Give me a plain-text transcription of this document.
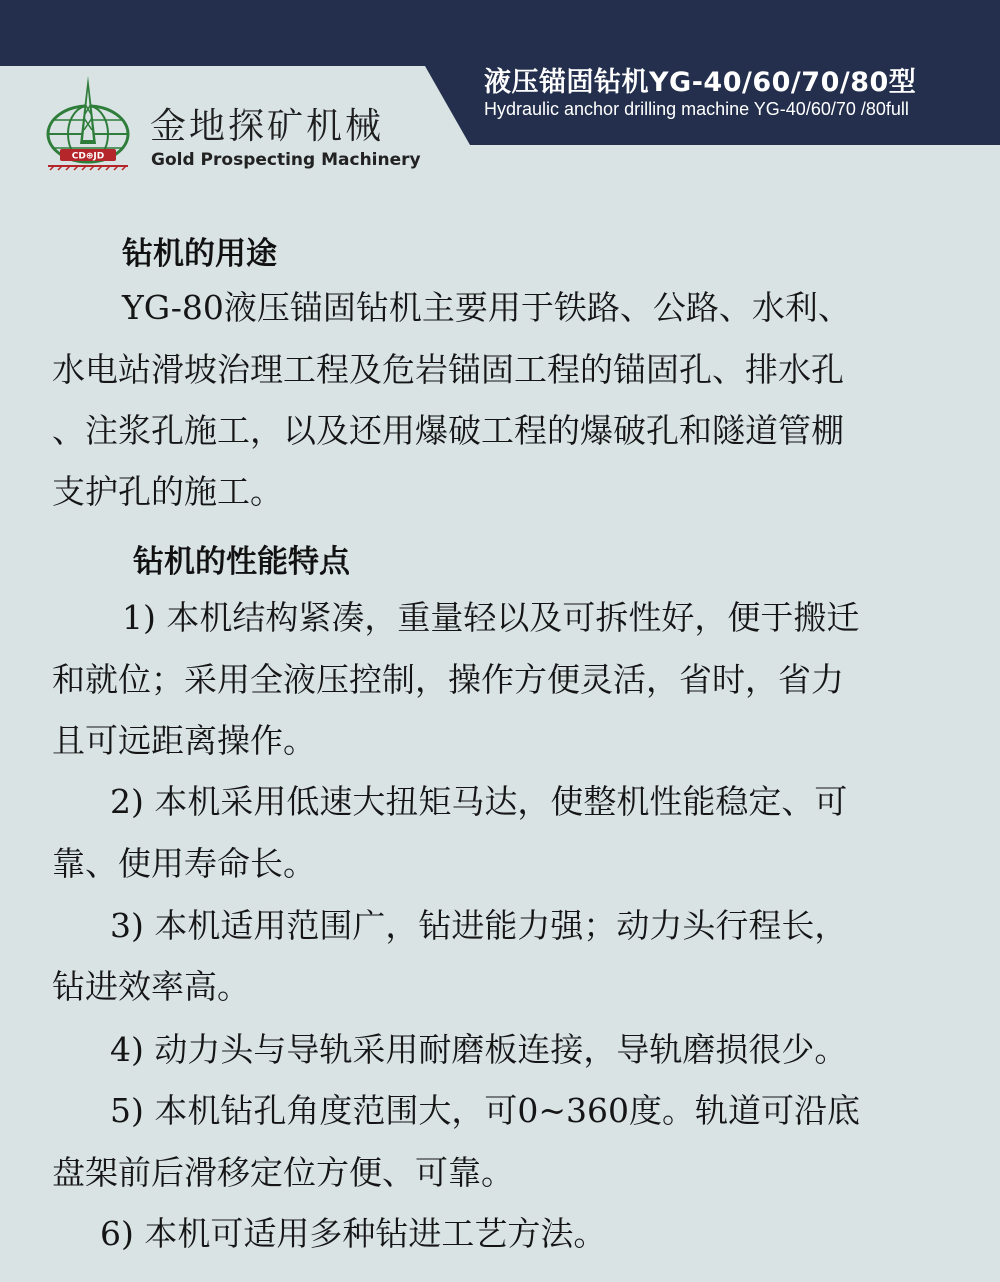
液压锚固钻机YG-40/60/70/80型
Hydraulic anchor drilling machine YG-40/60/70 /80full
CD⊕JD
金地探矿机械
Gold Prospecting Machinery
钻机的用途
YG-80液压锚固钻机主要用于铁路、公路、水利、
水电站滑坡治理工程及危岩锚固工程的锚固孔、排水孔
、注浆孔施工，以及还用爆破工程的爆破孔和隧道管棚
支护孔的施工。
钻机的性能特点
1) 本机结构紧凑，重量轻以及可拆性好，便于搬迁
和就位；采用全液压控制，操作方便灵活，省时，省力
且可远距离操作。
2) 本机采用低速大扭矩马达，使整机性能稳定、可
靠、使用寿命长。
3) 本机适用范围广，钻进能力强；动力头行程长，
钻进效率高。
4) 动力头与导轨采用耐磨板连接，导轨磨损很少。
5) 本机钻孔角度范围大，可0~360度。轨道可沿底
盘架前后滑移定位方便、可靠。
6) 本机可适用多种钻进工艺方法。
